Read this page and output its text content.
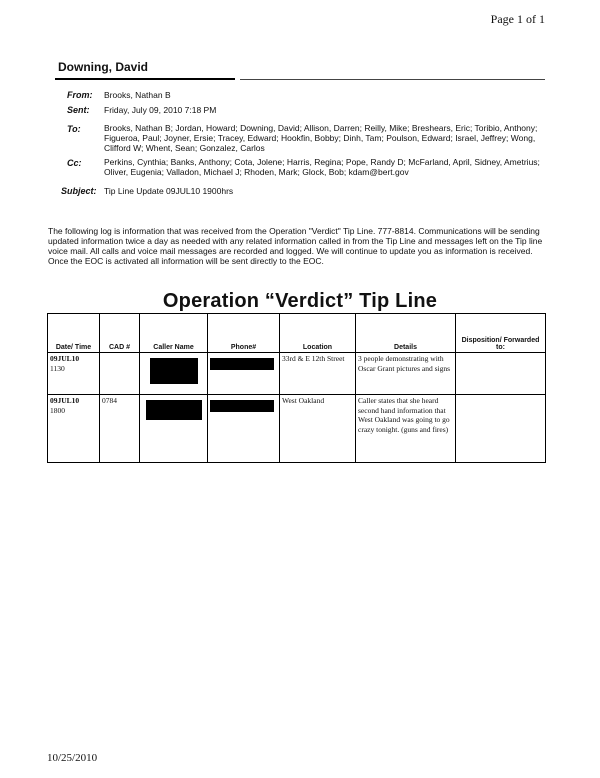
Page 1 of 1
Downing, David
From: Brooks, Nathan B
Sent: Friday, July 09, 2010 7:18 PM
To:	Brooks, Nathan B; Jordan, Howard; Downing, David; Allison, Darren; Reilly, Mike; Breshears, Eric; Toribio, Anthony; Figueroa, Paul; Joyner, Ersie; Tracey, Edward; Hookfin, Bobby; Dinh, Tam; Poulson, Edward; Israel, Jeffrey; Wong, Clifford W; Whent, Sean; Gonzalez, Carlos
Cc:	Perkins, Cynthia; Banks, Anthony; Cota, Jolene; Harris, Regina; Pope, Randy D; McFarland, April, Sidney, Ametrius; Oliver, Eugenia; Valladon, Michael J; Rhoden, Mark; Glock, Bob; kdam@bert.gov
Subject: Tip Line Update 09JUL10 1900hrs
The following log is information that was received from the Operation "Verdict" Tip Line. 777-8814. Communications will be sending updated information twice a day as needed with any related information called in from the Tip Line and messages left on the Tip line voice mail. All calls and voice mail messages are recorded and logged. We will continue to update you as information is received. Once the EOC is activated all information will be sent directly to the EOC.
Operation “Verdict” Tip Line
Date/ Time	CAD #	Caller Name	Phone#	Location	Details	Disposition/ Forwarded to:

09JUL10
1130				33rd & E 12th Street	3 people demonstrating with Oscar Grant pictures and signs	

09JUL10
1800	0784			West Oakland	Caller states that she heard second hand information that West Oakland was going to go crazy tonight. (guns and fires)	
10/25/2010
